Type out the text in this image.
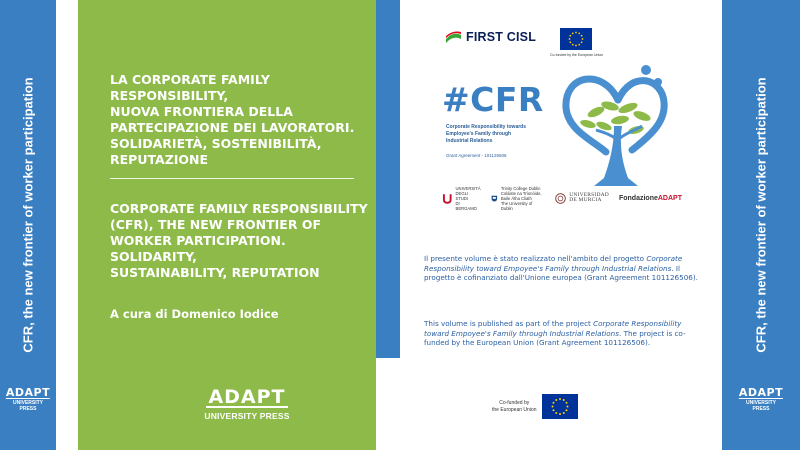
CFR, the new frontier of worker participation
ADAPT
UNIVERSITY PRESS
LA CORPORATE FAMILY RESPONSIBILITY,
NUOVA FRONTIERA DELLA
PARTECIPAZIONE DEI LAVORATORI.
SOLIDARIETÀ, SOSTENIBILITÀ,
REPUTAZIONE
CORPORATE FAMILY RESPONSIBILITY
(CFR), THE NEW FRONTIER OF
WORKER PARTICIPATION. SOLIDARITY,
SUSTAINABILITY, REPUTATION
A cura di Domenico Iodice
ADAPT
UNIVERSITY PRESS
FIRST CISL
Co-funded by the European Union
#CFR
Corporate Responsibility towards
Employee's Family through
Industrial Relations
Grant Agreement - 101126506
UNIVERSITÀ
DEGLI STUDI
DI BERGAMO
Trinity College Dublin
Coláiste na Tríonóide, Baile Átha Cliath
The University of Dublin
UNIVERSIDAD
DE MURCIA	FondazioneADAPT

Il presente volume è stato realizzato nell'ambito del progetto Corporate Responsibility toward Empoyee's Family through Industrial Relations. Il progetto è cofinanziato dall'Unione europea (Grant Agreement 101126506).

This volume is published as part of the project Corporate Responsibility toward Empoyee's Family through Industrial Relations. The project is co-funded by the European Union (Grant Agreement 101126506).

Co-funded by
the European Union
CFR, the new frontier of worker participation
ADAPT
UNIVERSITY PRESS
